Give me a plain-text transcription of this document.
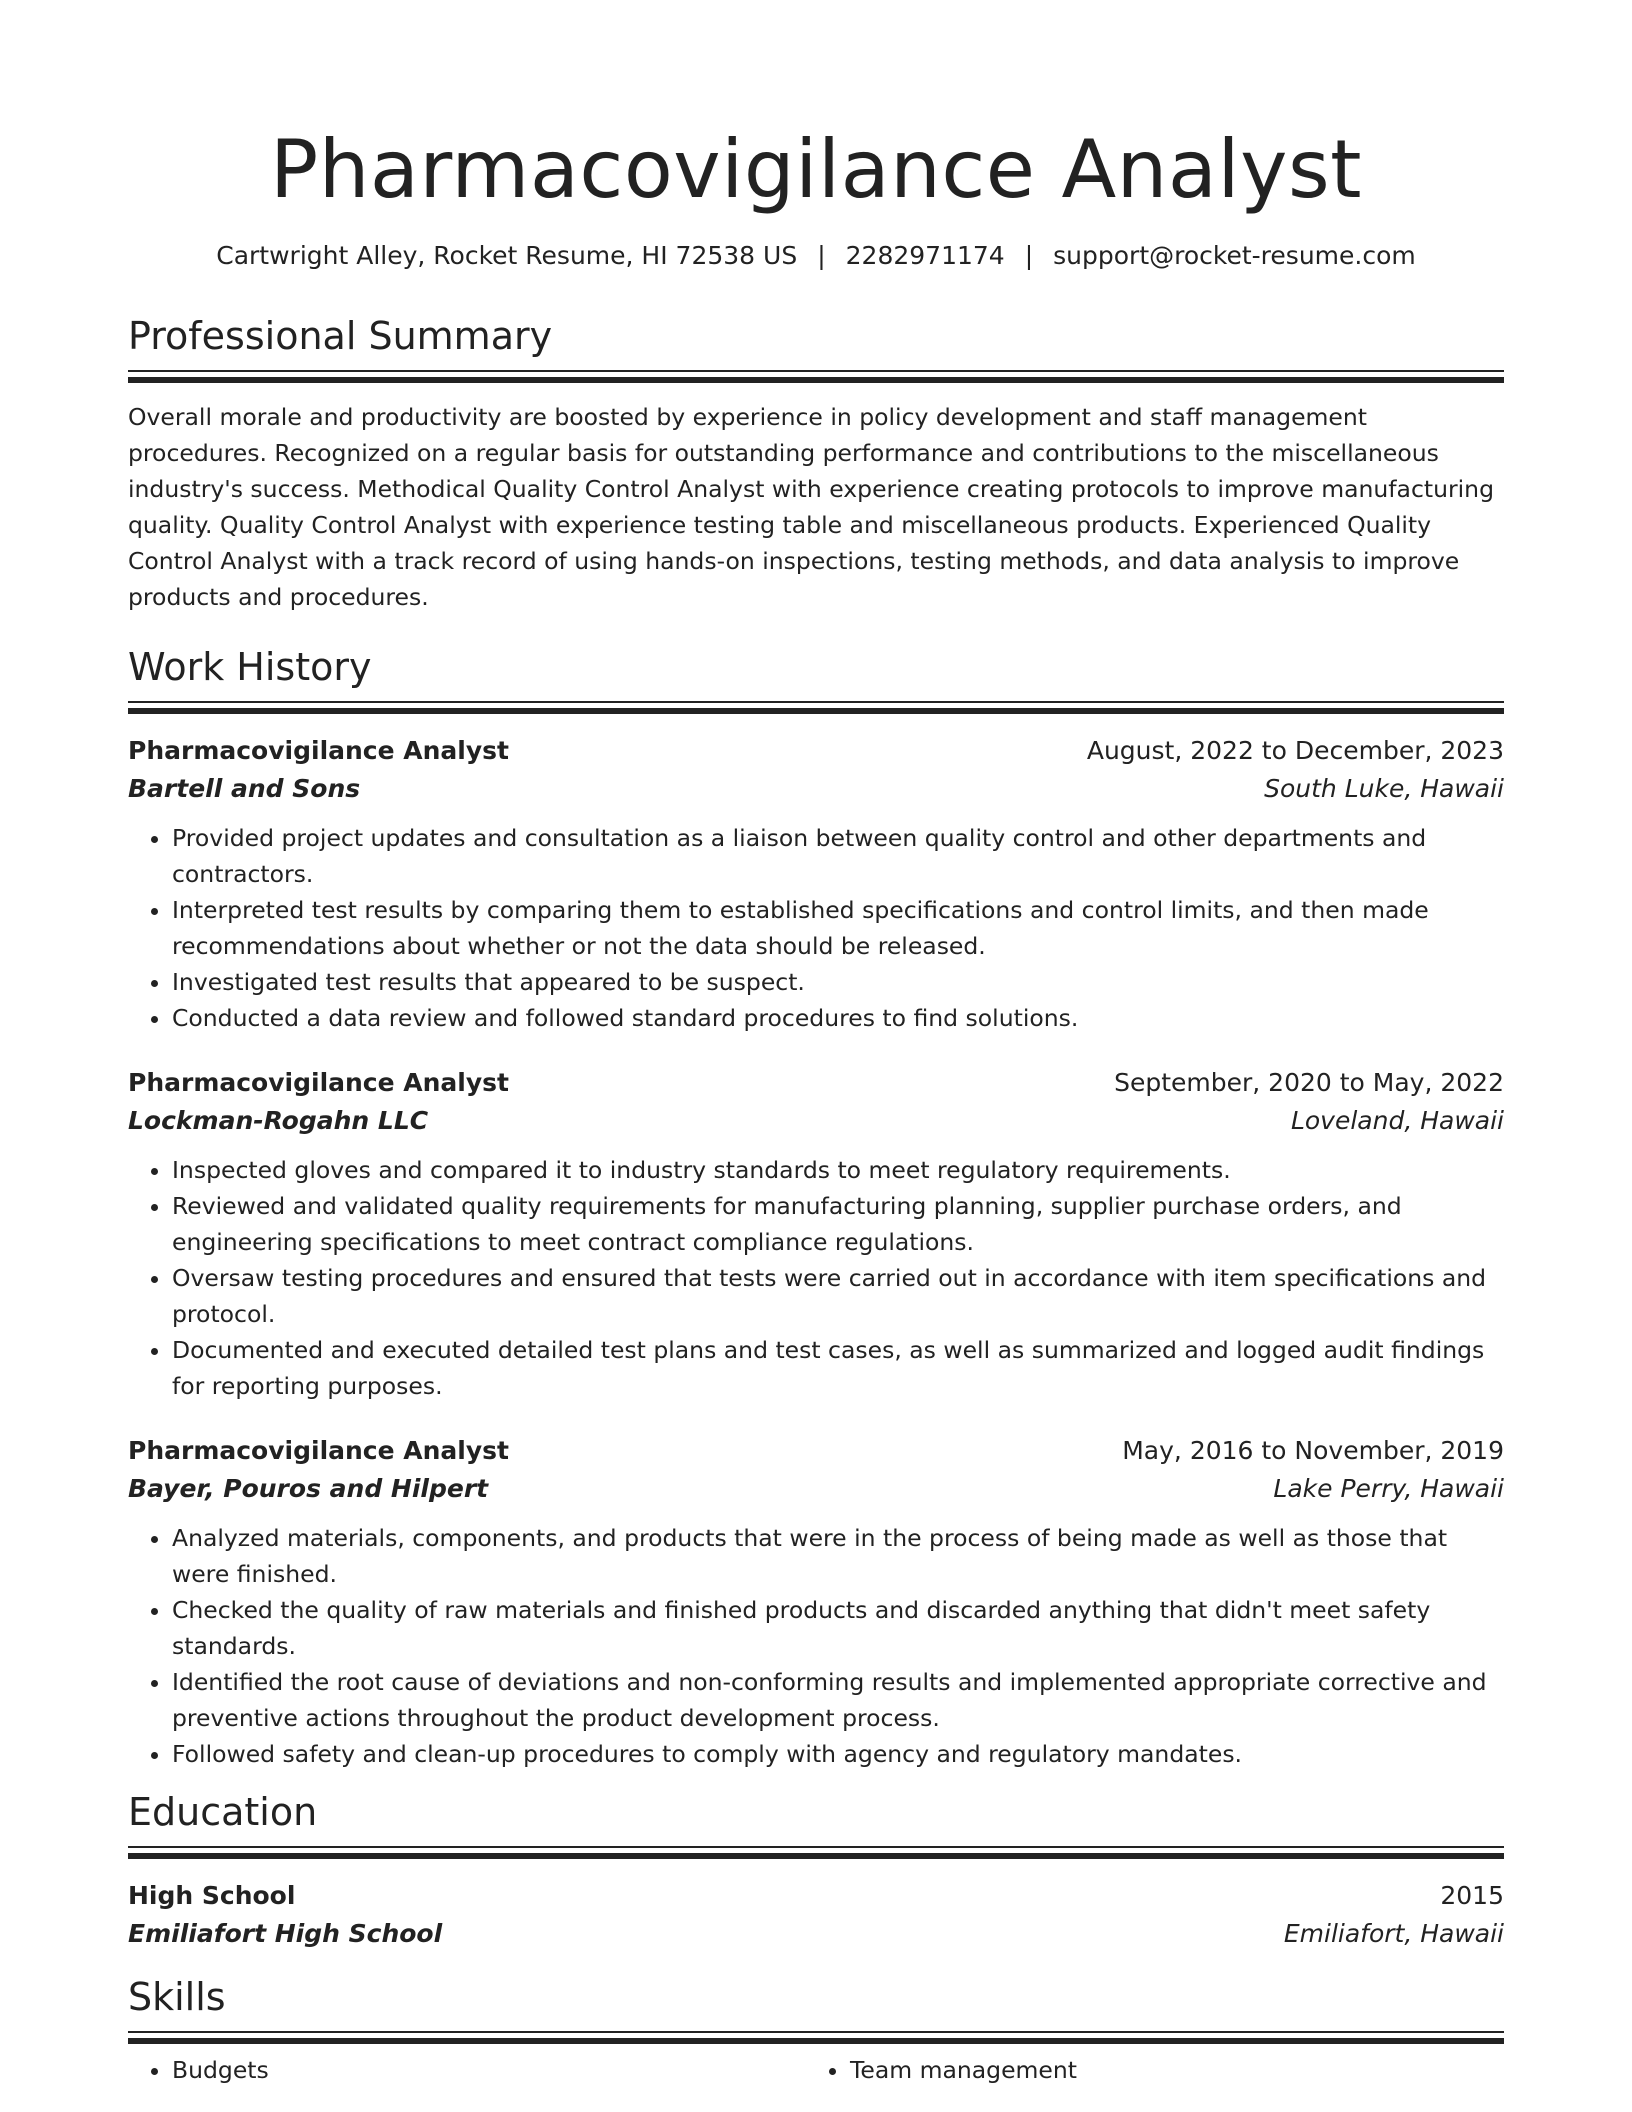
Pharmacovigilance Analyst
Cartwright Alley, Rocket Resume, HI 72538 US | 2282971174 | support@rocket-resume.com
Professional Summary
Overall morale and productivity are boosted by experience in policy development and staff management procedures. Recognized on a regular basis for outstanding performance and contributions to the miscellaneous industry's success. Methodical Quality Control Analyst with experience creating protocols to improve manufacturing quality. Quality Control Analyst with experience testing table and miscellaneous products. Experienced Quality Control Analyst with a track record of using hands-on inspections, testing methods, and data analysis to improve products and procedures.
Work History
Pharmacovigilance Analyst	August, 2022 to December, 2023
Bartell and Sons	South Luke, Hawaii
• Provided project updates and consultation as a liaison between quality control and other departments and contractors.
• Interpreted test results by comparing them to established specifications and control limits, and then made recommendations about whether or not the data should be released.
• Investigated test results that appeared to be suspect.
• Conducted a data review and followed standard procedures to find solutions.
Pharmacovigilance Analyst	September, 2020 to May, 2022
Lockman-Rogahn LLC	Loveland, Hawaii
• Inspected gloves and compared it to industry standards to meet regulatory requirements.
• Reviewed and validated quality requirements for manufacturing planning, supplier purchase orders, and engineering specifications to meet contract compliance regulations.
• Oversaw testing procedures and ensured that tests were carried out in accordance with item specifications and protocol.
• Documented and executed detailed test plans and test cases, as well as summarized and logged audit findings for reporting purposes.
Pharmacovigilance Analyst	May, 2016 to November, 2019
Bayer, Pouros and Hilpert	Lake Perry, Hawaii
• Analyzed materials, components, and products that were in the process of being made as well as those that were finished.
• Checked the quality of raw materials and finished products and discarded anything that didn't meet safety standards.
• Identified the root cause of deviations and non-conforming results and implemented appropriate corrective and preventive actions throughout the product development process.
• Followed safety and clean-up procedures to comply with agency and regulatory mandates.
Education
High School	2015
Emiliafort High School	Emiliafort, Hawaii
Skills
• Budgets
•	Team management
